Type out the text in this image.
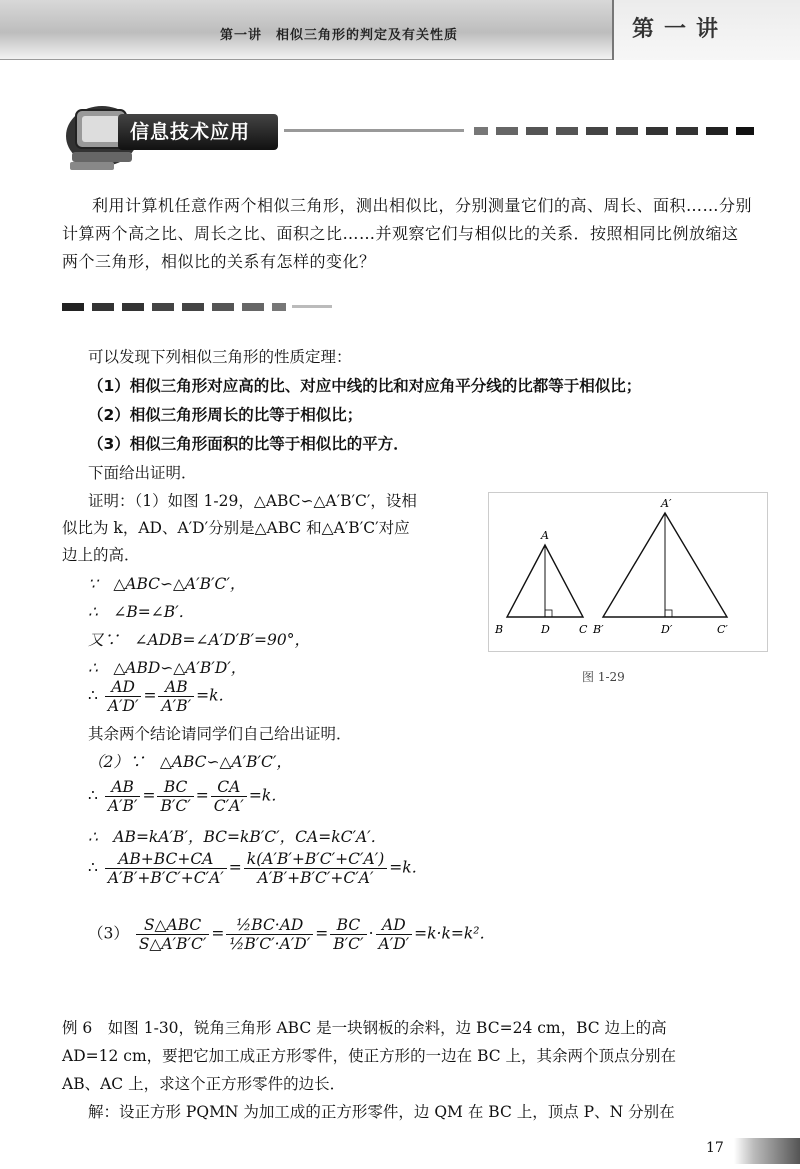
第一讲　相似三角形的判定及有关性质	第一讲
信息技术应用
利用计算机任意作两个相似三角形，测出相似比，分别测量它们的高、周长、面积……分别计算两个高之比、周长之比、面积之比……并观察它们与相似比的关系．按照相同比例放缩这两个三角形，相似比的关系有怎样的变化？
可以发现下列相似三角形的性质定理：
（1）相似三角形对应高的比、对应中线的比和对应角平分线的比都等于相似比；
（2）相似三角形周长的比等于相似比；
（3）相似三角形面积的比等于相似比的平方．
下面给出证明．
证明：（1）如图 1-29，△ABC∽△A′B′C′，设相
似比为 k，AD、A′D′分别是△ABC 和△A′B′C′对应
边上的高．
∵　△ABC∽△A′B′C′，
∴　∠B=∠B′．
又∵　∠ADB=∠A′D′B′=90°，
∴　△ABD∽△A′B′D′，
∴ $\frac{AD}{A'D'} = \frac{AB}{A'B'} =k$．
其余两个结论请同学们自己给出证明．
（2）∵　△ABC∽△A′B′C′，
∴ $\frac{AB}{A'B'} = \frac{BC}{B'C'} = \frac{CA}{C'A'} =k$．
∴　AB=kA′B′，BC=kB′C′，CA=kC′A′．
∴ $\frac{AB+BC+CA}{A'B'+B'C'+C'A'} = \frac{k(A'B'+B'C'+C'A')}{A'B'+B'C'+C'A'} =k$．
$(3) \frac{\text{S△ABC}}{S\triangle A'B'C'} = \frac{\text{½BC·AD}}{\text{½B′C′·A′D′}} = \frac{BC}{B'C'} \cdot \frac{AD}{A'D'} =k\cdot k=k^2$．
A
B	D	C
A′
B′	D′	C′
图 1-29
例 6　如图 1-30，锐角三角形 ABC 是一块钢板的余料，边 BC=24 cm，BC 边上的高
AD=12 cm，要把它加工成正方形零件，使正方形的一边在 BC 上，其余两个顶点分别在
AB、AC 上，求这个正方形零件的边长．
解：设正方形 PQMN 为加工成的正方形零件，边 QM 在 BC 上，顶点 P、N 分别在
17
